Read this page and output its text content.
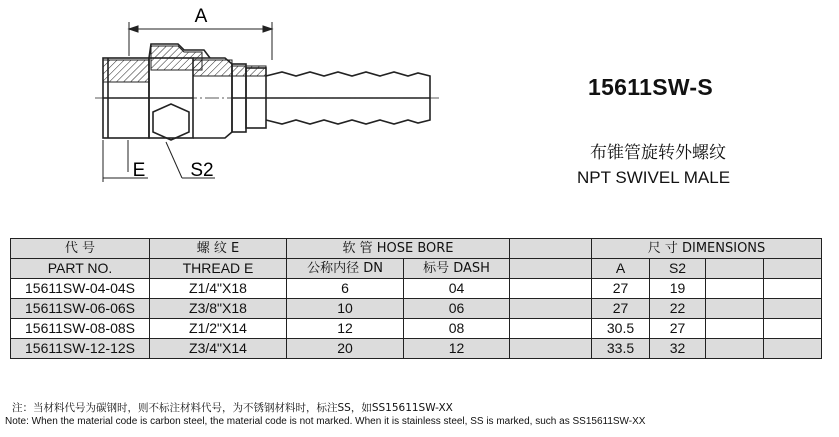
A
E S2
15611SW-S
布锥管旋转外螺纹
NPT SWIVEL MALE
代 号	螺 纹 E	软 管 HOSE BORE			尺 寸 DIMENSIONS			
PART NO.	THREAD E	公称内径 DN	标号 DASH		A	S2		
15611SW-04-04S	Z1/4"X18	6	04		27	19		
15611SW-06-06S	Z3/8"X18	10	06		27	22		
15611SW-08-08S	Z1/2"X14	12	08		30.5	27		
15611SW-12-12S	Z3/4"X14	20	12		33.5	32		
注：当材料代号为碳钢时，则不标注材料代号，为不锈钢材料时，标注SS，如SS15611SW-XX
Note: When the material code is carbon steel, the material code is not marked. When it is stainless steel, SS is marked, such as SS15611SW-XX
